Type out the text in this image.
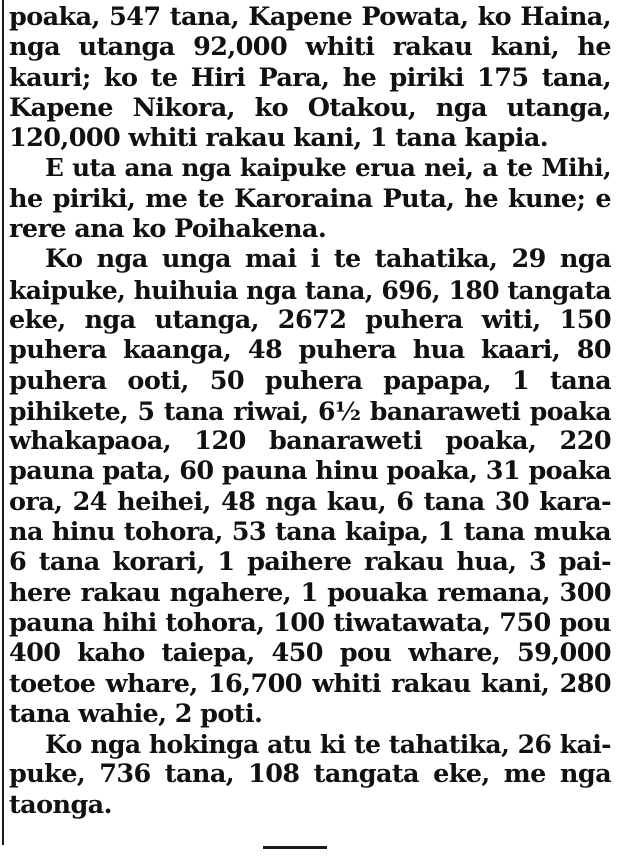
poaka, 547 tana, Kapene Powata, ko Haina,
nga utanga 92,000 whiti rakau kani, he
kauri; ko te Hiri Para, he piriki 175 tana,
Kapene Nikora, ko Otakou, nga utanga,
120,000 whiti rakau kani, 1 tana kapia.
E uta ana nga kaipuke erua nei, a te Mihi,
he piriki, me te Karoraina Puta, he kune; e
rere ana ko Poihakena.
Ko nga unga mai i te tahatika, 29 nga
kaipuke, huihuia nga tana, 696, 180 tangata
eke, nga utanga, 2672 puhera witi, 150
puhera kaanga, 48 puhera hua kaari, 80
puhera ooti, 50 puhera papapa, 1 tana
pihikete, 5 tana riwai, 6½ banaraweti poaka
whakapaoa, 120 banaraweti poaka, 220
pauna pata, 60 pauna hinu poaka, 31 poaka
ora, 24 heihei, 48 nga kau, 6 tana 30 kara-
na hinu tohora, 53 tana kaipa, 1 tana muka
6 tana korari, 1 paihere rakau hua, 3 pai-
here rakau ngahere, 1 pouaka remana, 300
pauna hihi tohora, 100 tiwatawata, 750 pou
400 kaho taiepa, 450 pou whare, 59,000
toetoe whare, 16,700 whiti rakau kani, 280
tana wahie, 2 poti.
Ko nga hokinga atu ki te tahatika, 26 kai-
puke, 736 tana, 108 tangata eke, me nga
taonga.
